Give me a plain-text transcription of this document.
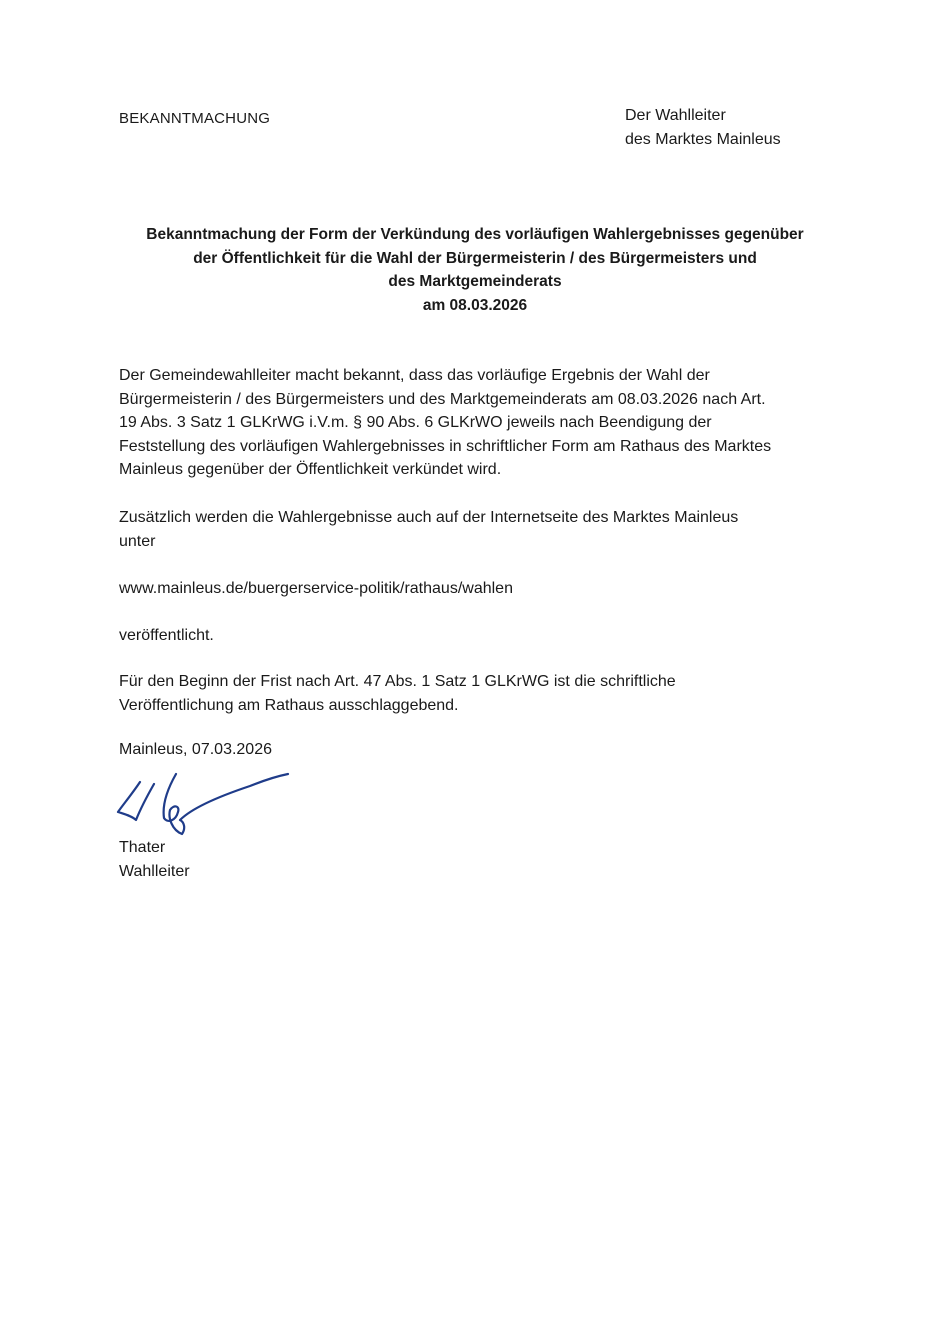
BEKANNTMACHUNG	Der Wahlleiter
des Marktes Mainleus
Bekanntmachung der Form der Verkündung des vorläufigen Wahlergebnisses gegenüber
der Öffentlichkeit für die Wahl der Bürgermeisterin / des Bürgermeisters und
des Marktgemeinderats
am 08.03.2026
Der Gemeindewahlleiter macht bekannt, dass das vorläufige Ergebnis der Wahl der
Bürgermeisterin / des Bürgermeisters und des Marktgemeinderats am 08.03.2026 nach Art.
19 Abs. 3 Satz 1 GLKrWG i.V.m. § 90 Abs. 6 GLKrWO jeweils nach Beendigung der
Feststellung des vorläufigen Wahlergebnisses in schriftlicher Form am Rathaus des Marktes
Mainleus gegenüber der Öffentlichkeit verkündet wird.
Zusätzlich werden die Wahlergebnisse auch auf der Internetseite des Marktes Mainleus
unter
www.mainleus.de/buergerservice-politik/rathaus/wahlen
veröffentlicht.
Für den Beginn der Frist nach Art. 47 Abs. 1 Satz 1 GLKrWG ist die schriftliche
Veröffentlichung am Rathaus ausschlaggebend.
Mainleus, 07.03.2026
Thater
Wahlleiter
